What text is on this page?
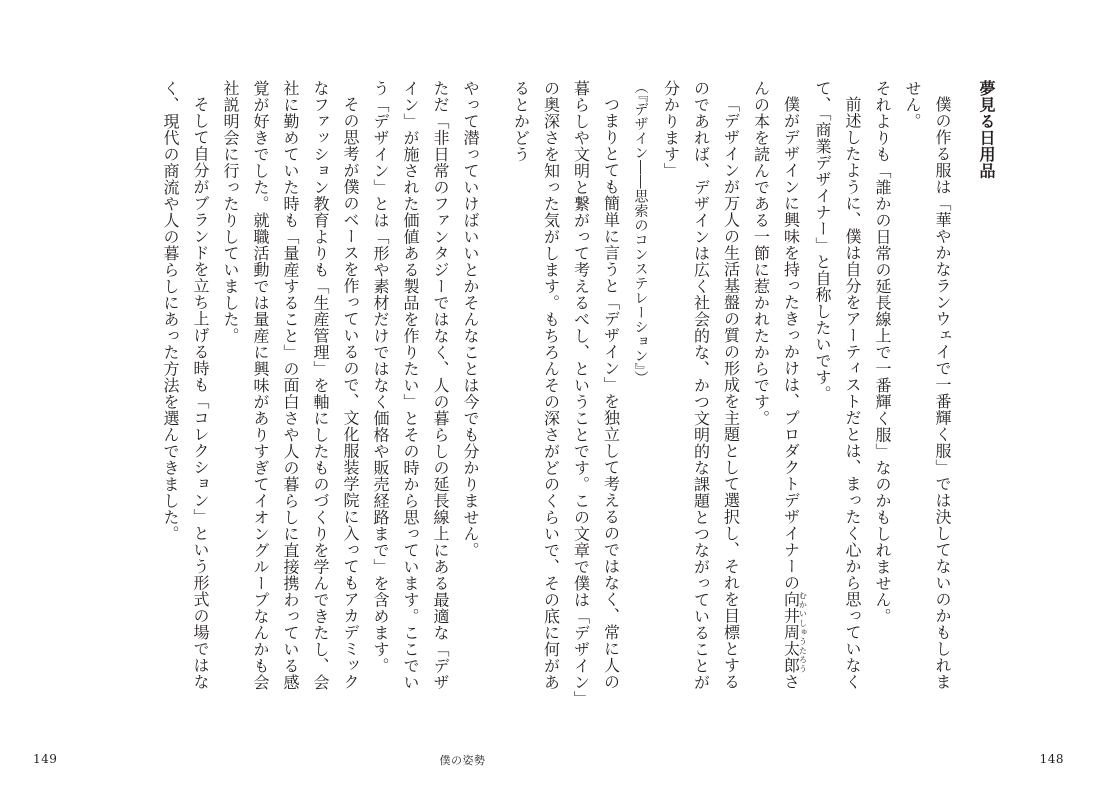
夢見る日用品

僕の作る服は「華やかなランウェイで一番輝く服」では決してないのかもしれません。

それよりも「誰かの日常の延長線上で一番輝く服」なのかもしれません。

前述したように、僕は自分をアーティストだとは、まったく心から思っていなくて、「商業デザイナー」と自称したいです。

僕がデザインに興味を持ったきっかけは、プロダクトデザイナーの向井周太郎むかいしゅうたろうさんの本を読んである一節に惹かれたからです。

「デザインが万人の生活基盤の質の形成を主題として選択し、それを目標とするのであれば、デザインは広く社会的な、かつ文明的な課題とつながっていることが分かります」

（『デザイン――思索のコンステレーション』）

つまりとても簡単に言うと「デザイン」を独立して考えるのではなく、常に人の暮らしや文明と繋がって考えるべし、ということです。この文章で僕は「デザイン」の奥深さを知った気がします。もちろんその深さがどのくらいで、その底に何があるとかどう

やって潜っていけばいいとかそんなことは今でも分かりません。

ただ「非日常のファンタジーではなく、人の暮らしの延長線上にある最適な「デザイン」が施された価値ある製品を作りたい」とその時から思っています。ここでいう「デザイン」とは「形や素材だけではなく価格や販売経路まで」を含めます。

その思考が僕のベースを作っているので、文化服装学院に入ってもアカデミックなファッション教育よりも「生産管理」を軸にしたものづくりを学んできたし、会社に勤めていた時も「量産すること」の面白さや人の暮らしに直接携わっている感覚が好きでした。就職活動では量産に興味がありすぎてイオングループなんかも会社説明会に行ったりしていました。

そして自分がブランドを立ち上げる時も「コレクション」という形式の場ではなく、現代の商流や人の暮らしにあった方法を選んできました。

149	僕の姿勢	148
